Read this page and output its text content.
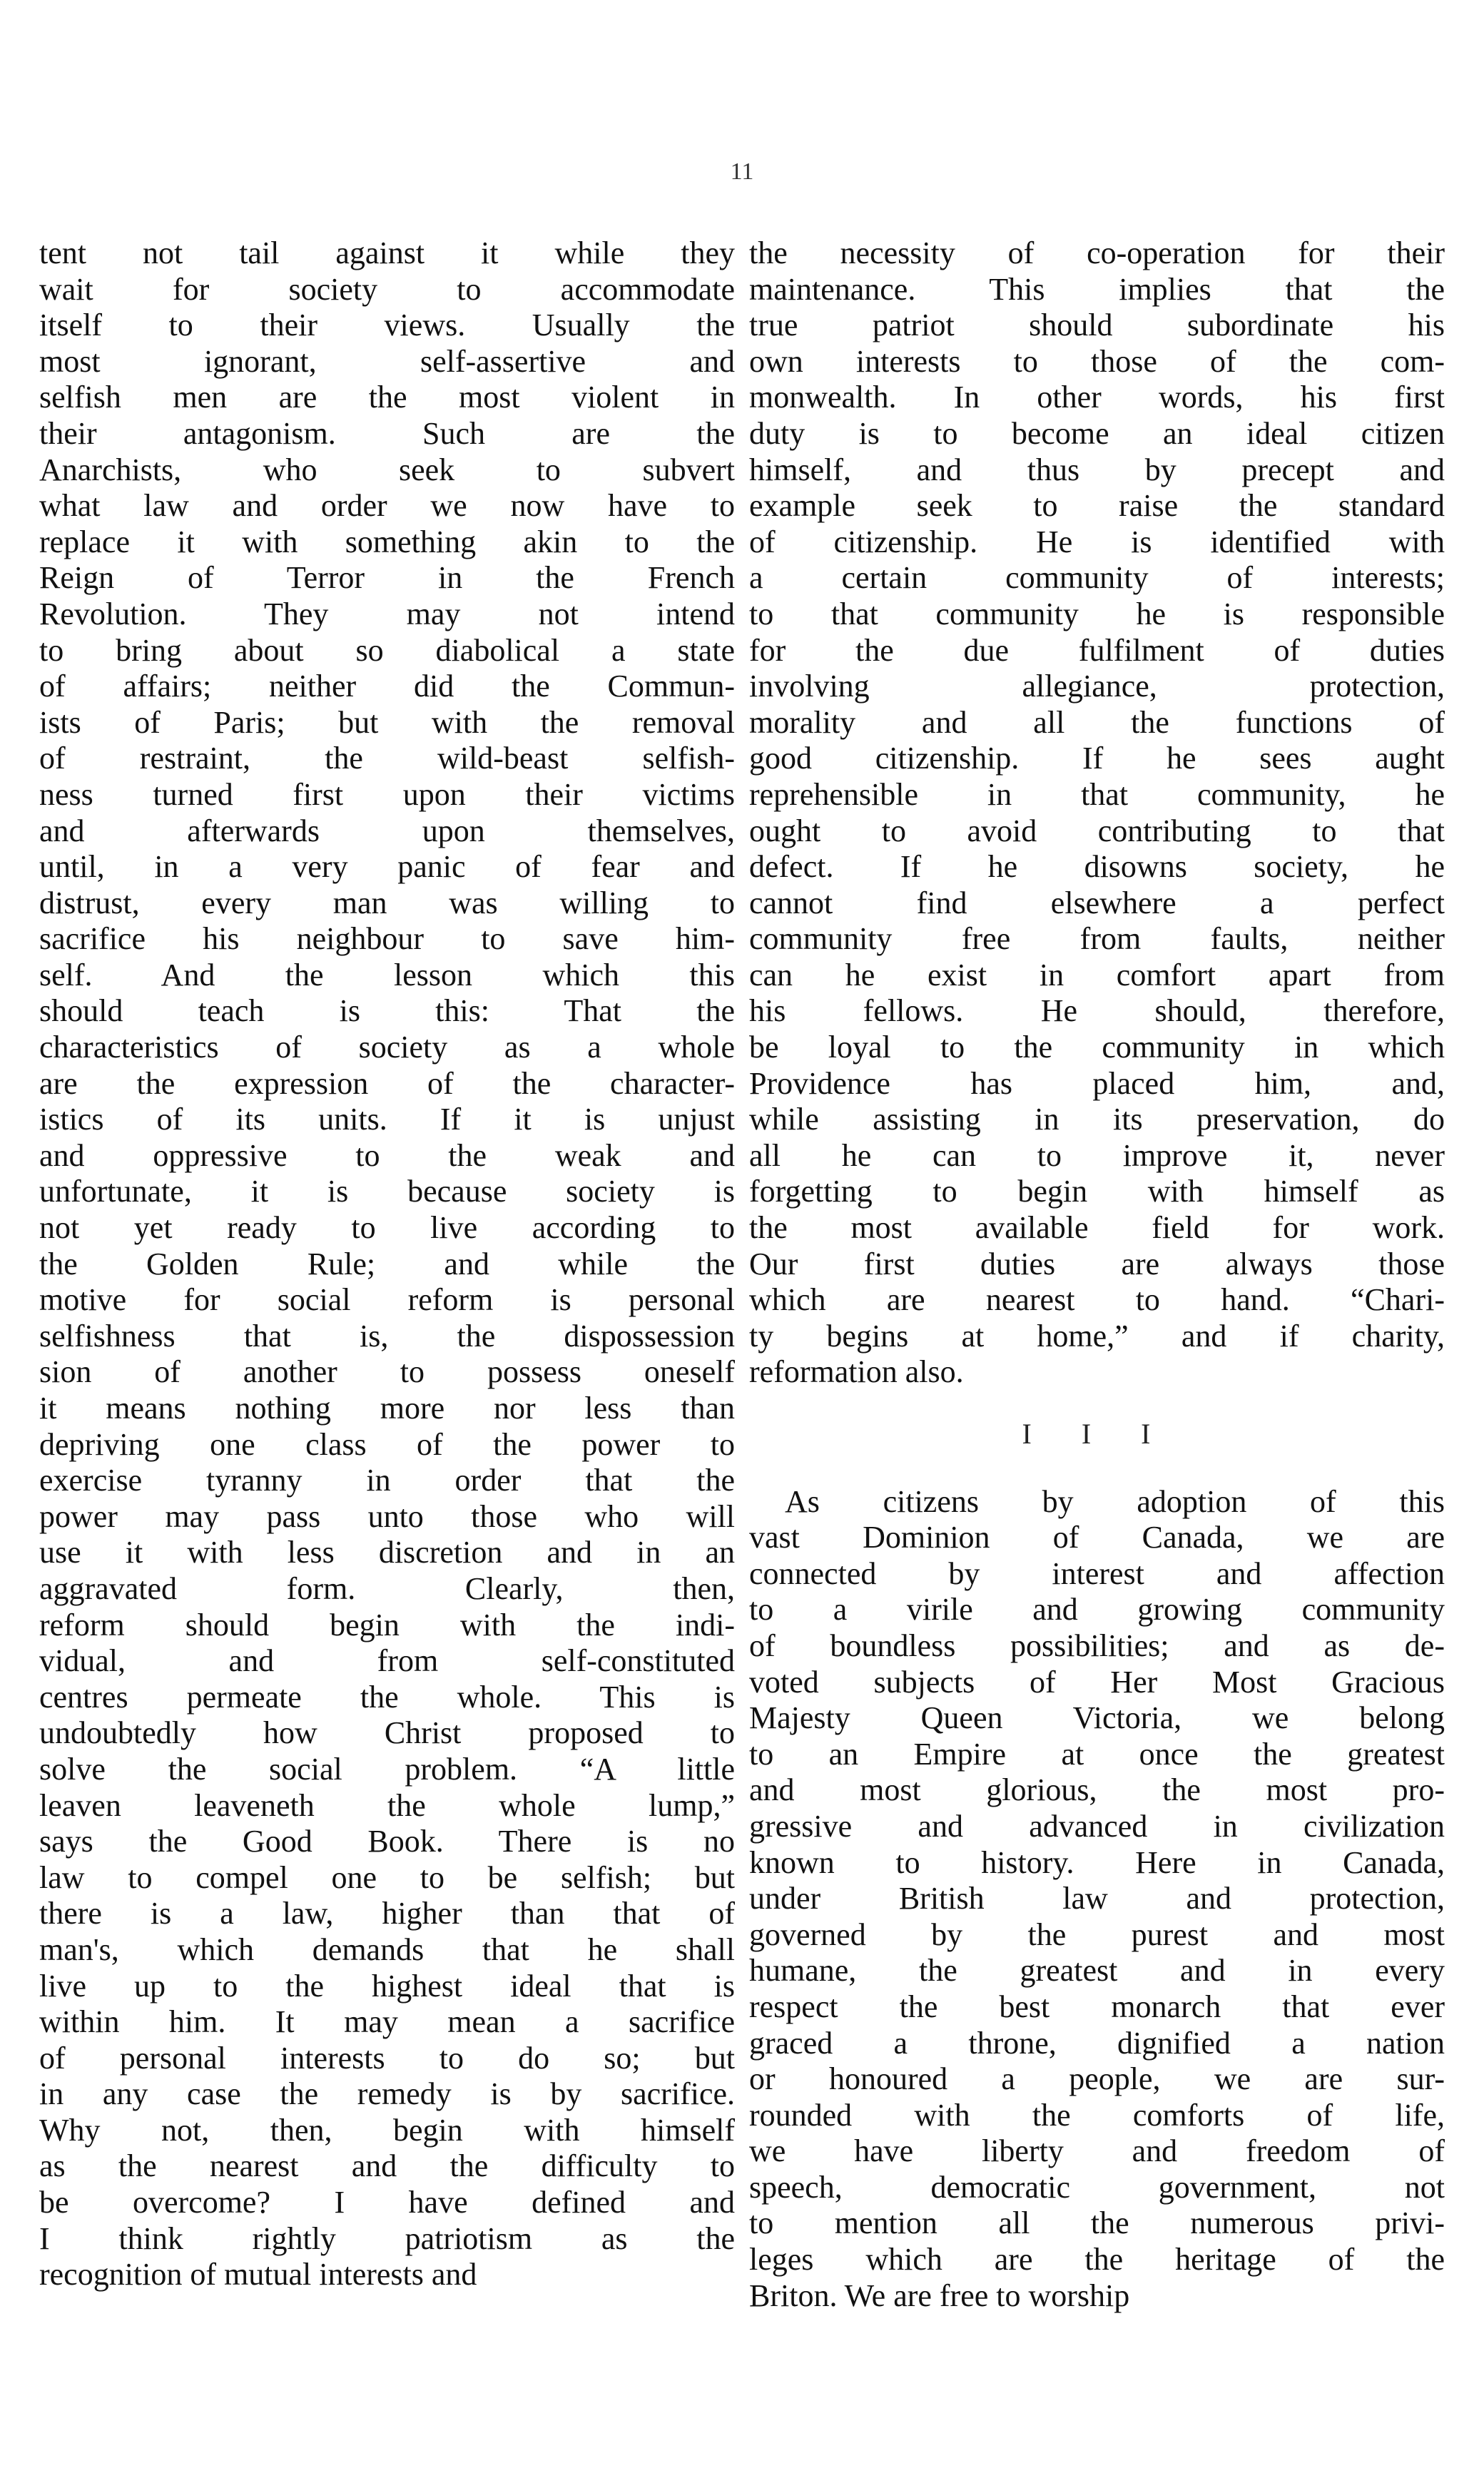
11

tent not tail against it while they
wait for society to accommodate
itself to their views. Usually the
most ignorant, self-assertive and
selfish men are the most violent in
their antagonism. Such are the
Anarchists, who seek to subvert
what law and order we now have to
replace it with something akin to the
Reign of Terror in the French
Revolution. They may not intend
to bring about so diabolical a state
of affairs; neither did the Commun-
ists of Paris; but with the removal
of restraint, the wild-beast selfish-
ness turned first upon their victims
and afterwards upon themselves,
until, in a very panic of fear and
distrust, every man was willing to
sacrifice his neighbour to save him-
self. And the lesson which this
should teach is this: That the
characteristics of society as a whole
are the expression of the character-
istics of its units. If it is unjust
and oppressive to the weak and
unfortunate, it is because society is
not yet ready to live according to
the Golden Rule; and while the
motive for social reform is personal
selfishness that is, the dispossession
sion of another to possess oneself
it means nothing more nor less than
depriving one class of the power to
exercise tyranny in order that the
power may pass unto those who will
use it with less discretion and in an
aggravated form. Clearly, then,
reform should begin with the indi-
vidual, and from self-constituted
centres permeate the whole. This is
undoubtedly how Christ proposed to
solve the social problem. “A little
leaven leaveneth the whole lump,”
says the Good Book. There is no
law to compel one to be selfish; but
there is a law, higher than that of
man's, which demands that he shall
live up to the highest ideal that is
within him. It may mean a sacrifice
of personal interests to do so; but
in any case the remedy is by sacrifice.
Why not, then, begin with himself
as the nearest and the difficulty to
be overcome? I have defined and
I think rightly patriotism as the
recognition of mutual interests and

the necessity of co-operation for their
maintenance. This implies that the
true patriot should subordinate his
own interests to those of the com-
monwealth. In other words, his first
duty is to become an ideal citizen
himself, and thus by precept and
example seek to raise the standard
of citizenship. He is identified with
a certain community of interests;
to that community he is responsible
for the due fulfilment of duties
involving allegiance, protection,
morality and all the functions of
good citizenship. If he sees aught
reprehensible in that community, he
ought to avoid contributing to that
defect. If he disowns society, he
cannot find elsewhere a perfect
community free from faults, neither
can he exist in comfort apart from
his fellows. He should, therefore,
be loyal to the community in which
Providence has placed him, and,
while assisting in its preservation, do
all he can to improve it, never
forgetting to begin with himself as
the most available field for work.
Our first duties are always those
which are nearest to hand. “Chari-
ty begins at home,” and if charity,
reformation also.

I I I

As citizens by adoption of this
vast Dominion of Canada, we are
connected by interest and affection
to a virile and growing community
of boundless possibilities; and as de-
voted subjects of Her Most Gracious
Majesty Queen Victoria, we belong
to an Empire at once the greatest
and most glorious, the most pro-
gressive and advanced in civilization
known to history. Here in Canada,
under British law and protection,
governed by the purest and most
humane, the greatest and in every
respect the best monarch that ever
graced a throne, dignified a nation
or honoured a people, we are sur-
rounded with the comforts of life,
we have liberty and freedom of
speech, democratic government, not
to mention all the numerous privi-
leges which are the heritage of the
Briton. We are free to worship
